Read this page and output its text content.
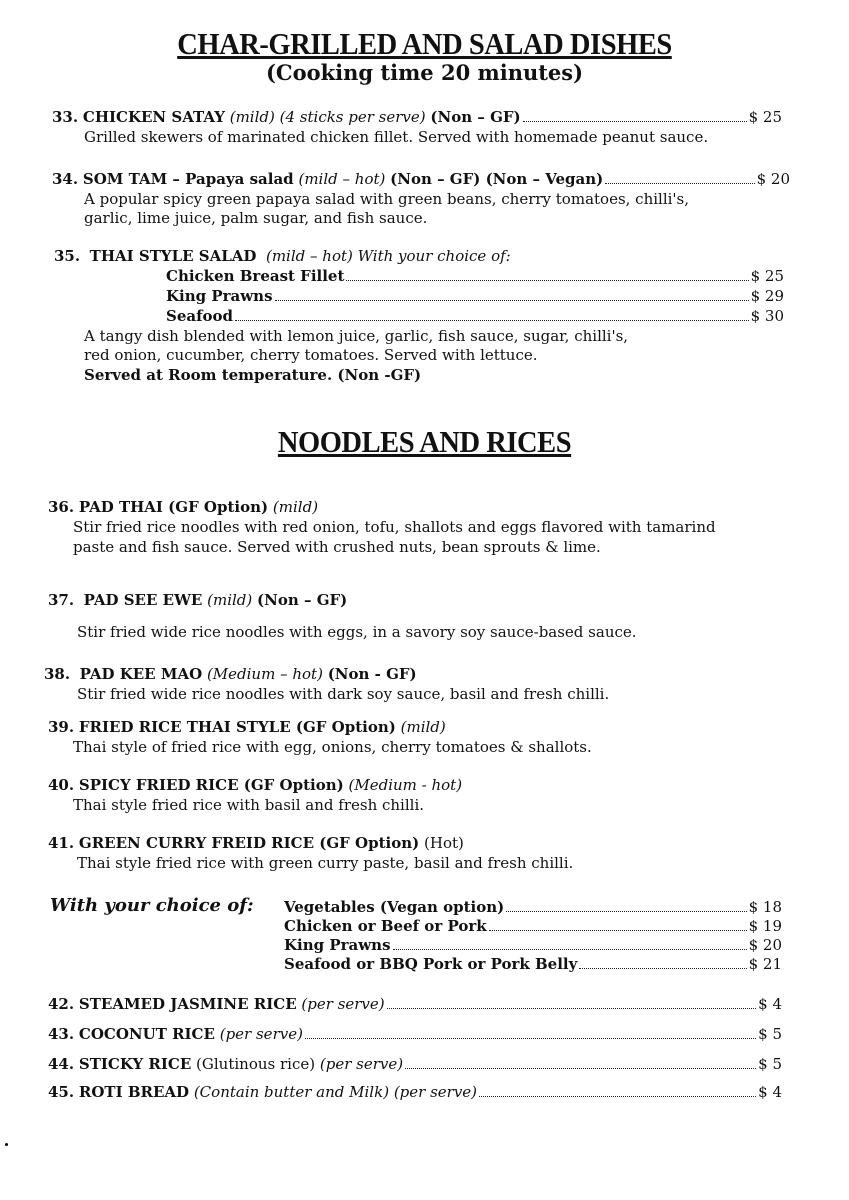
CHAR-GRILLED AND SALAD DISHES
(Cooking time 20 minutes)
33.
CHICKEN SATAY
(mild) (4 sticks per serve)
(Non – GF)	$ 25
Grilled skewers of marinated chicken fillet. Served with homemade peanut sauce.
34.
SOM TAM – Papaya salad
(mild – hot)
(Non – GF) (Non – Vegan)	$ 20
A popular spicy green papaya salad with green beans, cherry tomatoes, chilli's,
garlic, lime juice, palm sugar, and fish sauce.
35. THAI STYLE SALAD (mild – hot) With your choice of:
Chicken Breast Fillet	$ 25
King Prawns	$ 29
Seafood	$ 30
A tangy dish blended with lemon juice, garlic, fish sauce, sugar, chilli's,
red onion, cucumber, cherry tomatoes. Served with lettuce.
Served at Room temperature. (Non -GF)
NOODLES AND RICES
36. PAD THAI (GF Option) (mild)
Stir fried rice noodles with red onion, tofu, shallots and eggs flavored with tamarind
paste and fish sauce. Served with crushed nuts, bean sprouts & lime.
37. PAD SEE EWE (mild) (Non – GF)
Stir fried wide rice noodles with eggs, in a savory soy sauce-based sauce.
38. PAD KEE MAO (Medium – hot) (Non - GF)
Stir fried wide rice noodles with dark soy sauce, basil and fresh chilli.
39. FRIED RICE THAI STYLE (GF Option) (mild)
Thai style of fried rice with egg, onions, cherry tomatoes & shallots.
40. SPICY FRIED RICE (GF Option) (Medium - hot)
Thai style fried rice with basil and fresh chilli.
41. GREEN CURRY FREID RICE (GF Option) (Hot)
Thai style fried rice with green curry paste, basil and fresh chilli.
With your choice of: Vegetables (Vegan option)	$ 18
Chicken or Beef or Pork	$ 19
King Prawns	$ 20
Seafood or BBQ Pork or Pork Belly	$ 21
42.
STEAMED JASMINE RICE
(per serve)	$ 4
43.
COCONUT RICE
(per serve)	$ 5
44.
STICKY RICE
(Glutinous rice)
(per serve)	$ 5
45.
ROTI BREAD
(Contain butter and Milk) (per serve)	$ 4
